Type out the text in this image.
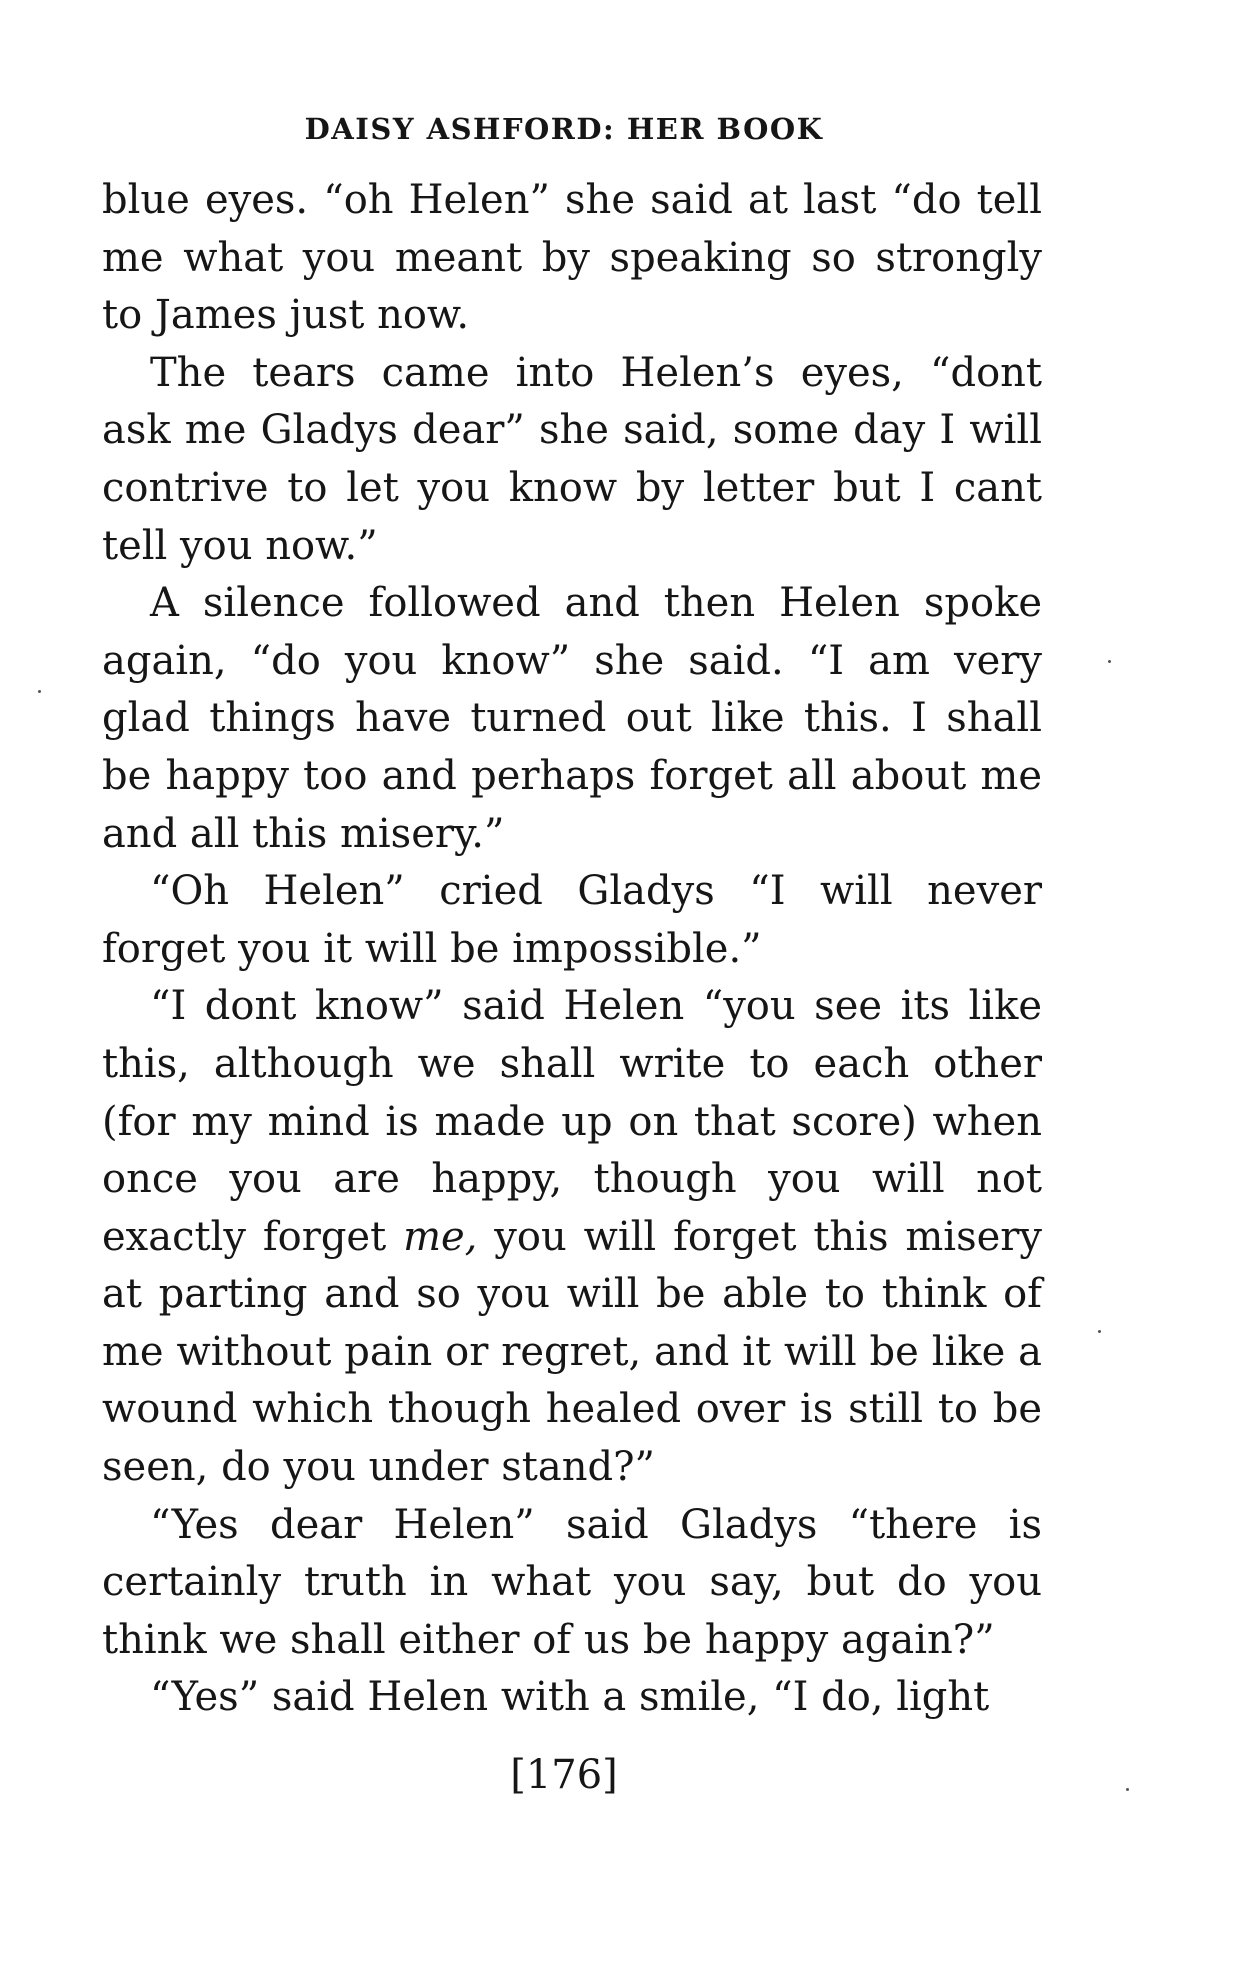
DAISY ASHFORD: HER BOOK

blue eyes. “oh Helen” she said at last “do tell me what you meant by speaking so strongly to James just now.

The tears came into Helen’s eyes, “dont ask me Gladys dear” she said, some day I will contrive to let you know by letter but I cant tell you now.”

A silence followed and then Helen spoke again, “do you know” she said. “I am very glad things have turned out like this. I shall be happy too and perhaps forget all about me and all this misery.”

“Oh Helen” cried Gladys “I will never forget you it will be impossible.”

“I dont know” said Helen “you see its like this, although we shall write to each other (for my mind is made up on that score) when once you are happy, though you will not exactly forget me, you will forget this misery at parting and so you will be able to think of me without pain or regret, and it will be like a wound which though healed over is still to be seen, do you under stand?”

“Yes dear Helen” said Gladys “there is certainly truth in what you say, but do you think we shall either of us be happy again?”

“Yes” said Helen with a smile, “I do, light

[176]
